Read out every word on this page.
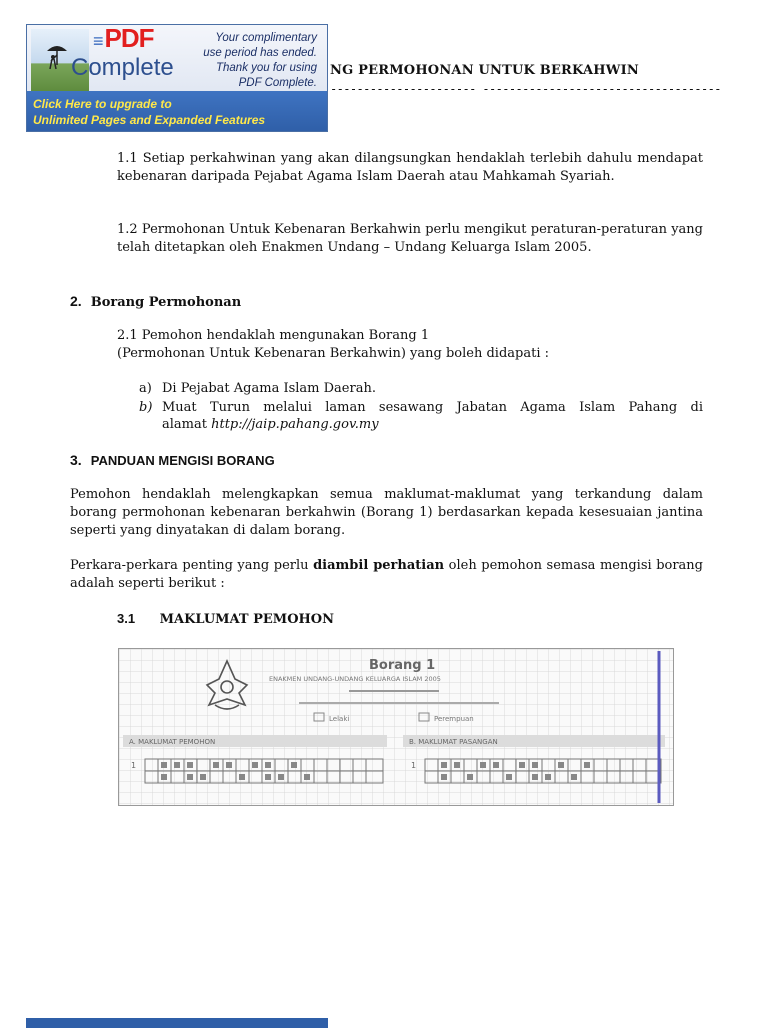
≡PDF
Complete
Your complimentary
use period has ended.
Thank you for using
PDF Complete.
Click Here to upgrade to
Unlimited Pages and Expanded Features
NG PERMOHONAN UNTUK BERKAHWIN
---------------------- ------------------------------------
1.1 Setiap perkahwinan yang akan dilangsungkan hendaklah terlebih dahulu mendapat kebenaran daripada Pejabat Agama Islam Daerah atau Mahkamah Syariah.
1.2 Permohonan Untuk Kebenaran Berkahwin perlu mengikut peraturan-peraturan yang telah ditetapkan oleh Enakmen Undang – Undang Keluarga Islam 2005.
2. Borang Permohonan
2.1 Pemohon hendaklah mengunakan Borang 1
(Permohonan Untuk Kebenaran Berkahwin) yang boleh didapati :
a) Di Pejabat Agama Islam Daerah.
b) Muat Turun melalui laman sesawang Jabatan Agama Islam Pahang di
alamat http://jaip.pahang.gov.my
3. PANDUAN MENGISI BORANG
Pemohon hendaklah melengkapkan semua maklumat-maklumat yang terkandung dalam borang permohonan kebenaran berkahwin (Borang 1) berdasarkan kepada kesesuaian jantina seperti yang dinyatakan di dalam borang.
Perkara-perkara penting yang perlu diambil perhatian oleh pemohon semasa mengisi borang adalah seperti berikut :
3.1 MAKLUMAT PEMOHON
Borang 1
ENAKMEN UNDANG-UNDANG KELUARGA ISLAM 2005
Lelaki	Perempuan
A. MAKLUMAT PEMOHON	B. MAKLUMAT PASANGAN
1	1
